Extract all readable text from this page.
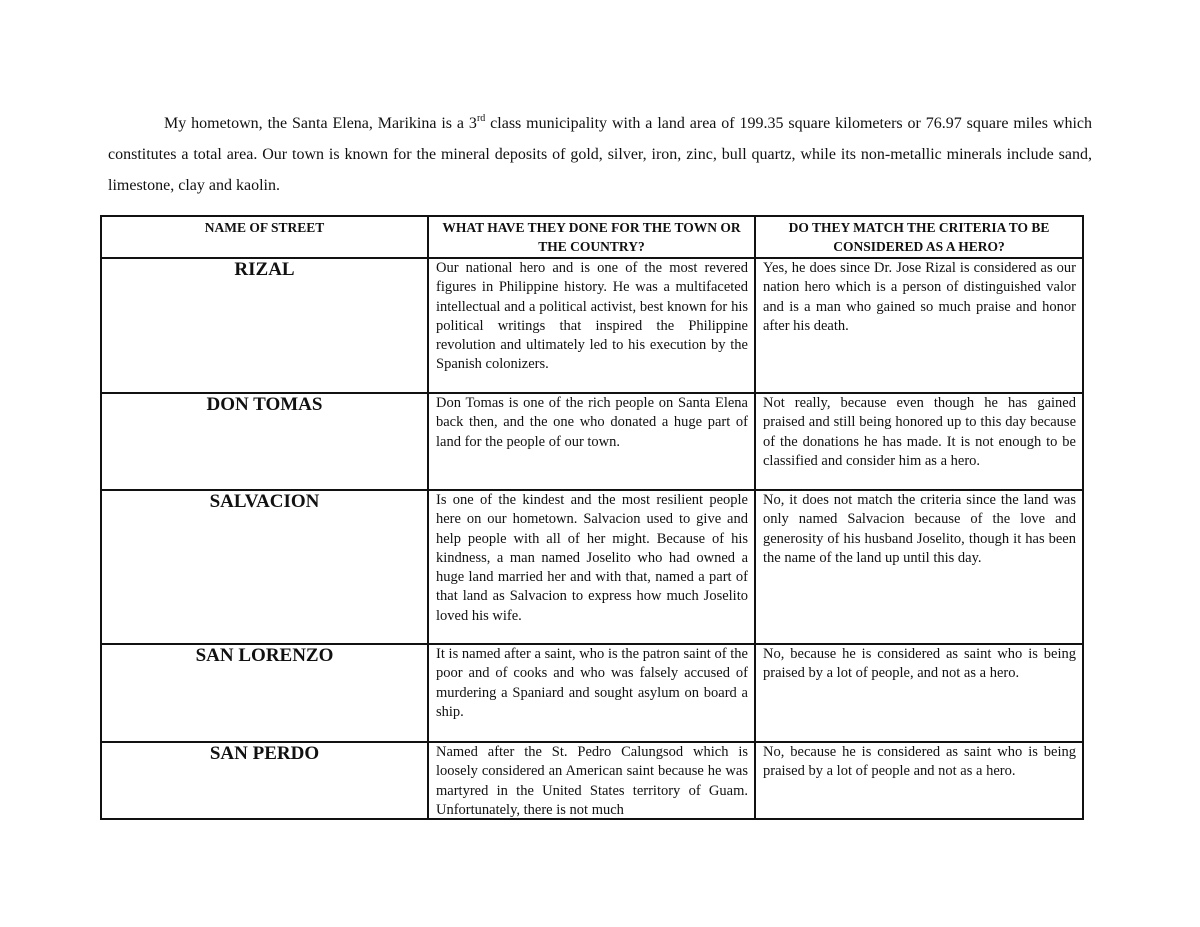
My hometown, the Santa Elena, Marikina is a 3rd class municipality with a land area of 199.35 square kilometers or 76.97 square miles which constitutes a total area. Our town is known for the mineral deposits of gold, silver, iron, zinc, bull quartz, while its non-metallic minerals include sand, limestone, clay and kaolin.

NAME OF STREET	WHAT HAVE THEY DONE FOR THE TOWN OR THE COUNTRY?	DO THEY MATCH THE CRITERIA TO BE CONSIDERED AS A HERO?
RIZAL	Our national hero and is one of the most revered figures in Philippine history. He was a multifaceted intellectual and a political activist, best known for his political writings that inspired the Philippine revolution and ultimately led to his execution by the Spanish colonizers.	Yes, he does since Dr. Jose Rizal is considered as our nation hero which is a person of distinguished valor and is a man who gained so much praise and honor after his death.
DON TOMAS	Don Tomas is one of the rich people on Santa Elena back then, and the one who donated a huge part of land for the people of our town.	Not really, because even though he has gained praised and still being honored up to this day because of the donations he has made. It is not enough to be classified and consider him as a hero.
SALVACION	Is one of the kindest and the most resilient people here on our hometown. Salvacion used to give and help people with all of her might. Because of his kindness, a man named Joselito who had owned a huge land married her and with that, named a part of that land as Salvacion to express how much Joselito loved his wife.	No, it does not match the criteria since the land was only named Salvacion because of the love and generosity of his husband Joselito, though it has been the name of the land up until this day.
SAN LORENZO	It is named after a saint, who is the patron saint of the poor and of cooks and who was falsely accused of murdering a Spaniard and sought asylum on board a ship.	No, because he is considered as saint who is being praised by a lot of people, and not as a hero.
SAN PERDO	Named after the St. Pedro Calungsod which is loosely considered an American saint because he was martyred in the United States territory of Guam. Unfortunately, there is not much	No, because he is considered as saint who is being praised by a lot of people and not as a hero.
